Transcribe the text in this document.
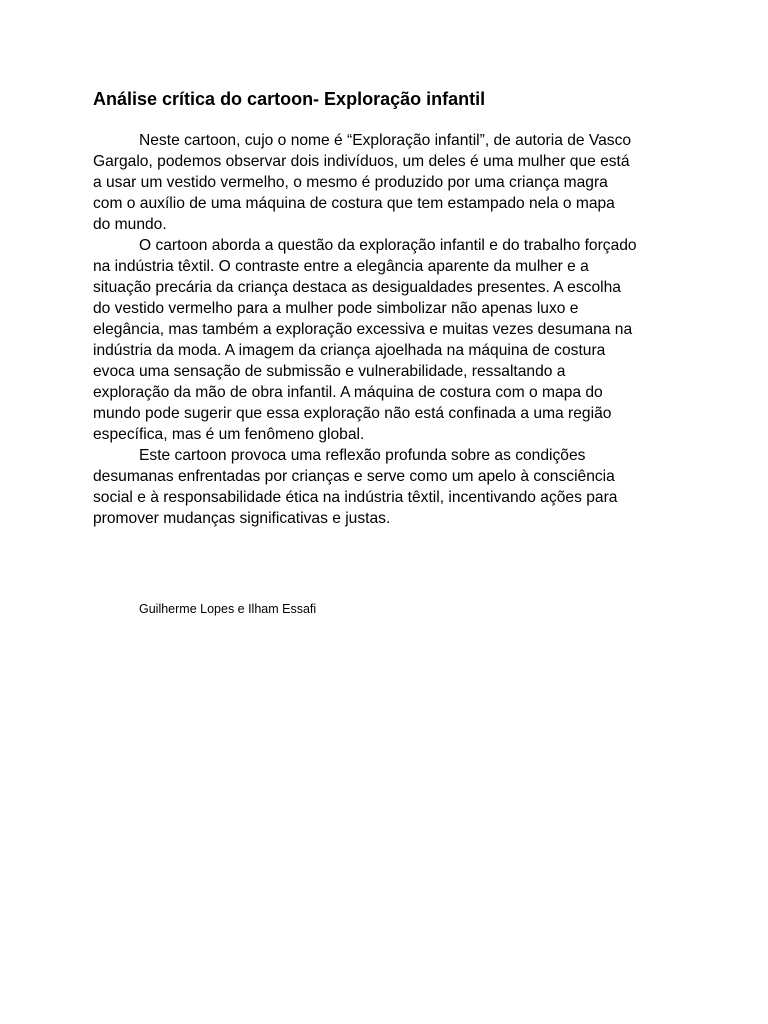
Análise crítica do cartoon- Exploração infantil
Neste cartoon, cujo o nome é “Exploração infantil”, de autoria de Vasco
Gargalo, podemos observar dois indivíduos, um deles é uma mulher que está
a usar um vestido vermelho, o mesmo é produzido por uma criança magra
com o auxílio de uma máquina de costura que tem estampado nela o mapa
do mundo.
O cartoon aborda a questão da exploração infantil e do trabalho forçado
na indústria têxtil. O contraste entre a elegância aparente da mulher e a
situação precária da criança destaca as desigualdades presentes. A escolha
do vestido vermelho para a mulher pode simbolizar não apenas luxo e
elegância, mas também a exploração excessiva e muitas vezes desumana na
indústria da moda. A imagem da criança ajoelhada na máquina de costura
evoca uma sensação de submissão e vulnerabilidade, ressaltando a
exploração da mão de obra infantil. A máquina de costura com o mapa do
mundo pode sugerir que essa exploração não está confinada a uma região
específica, mas é um fenômeno global.
Este cartoon provoca uma reflexão profunda sobre as condições
desumanas enfrentadas por crianças e serve como um apelo à consciência
social e à responsabilidade ética na indústria têxtil, incentivando ações para
promover mudanças significativas e justas.
Guilherme Lopes e Ilham Essafi
